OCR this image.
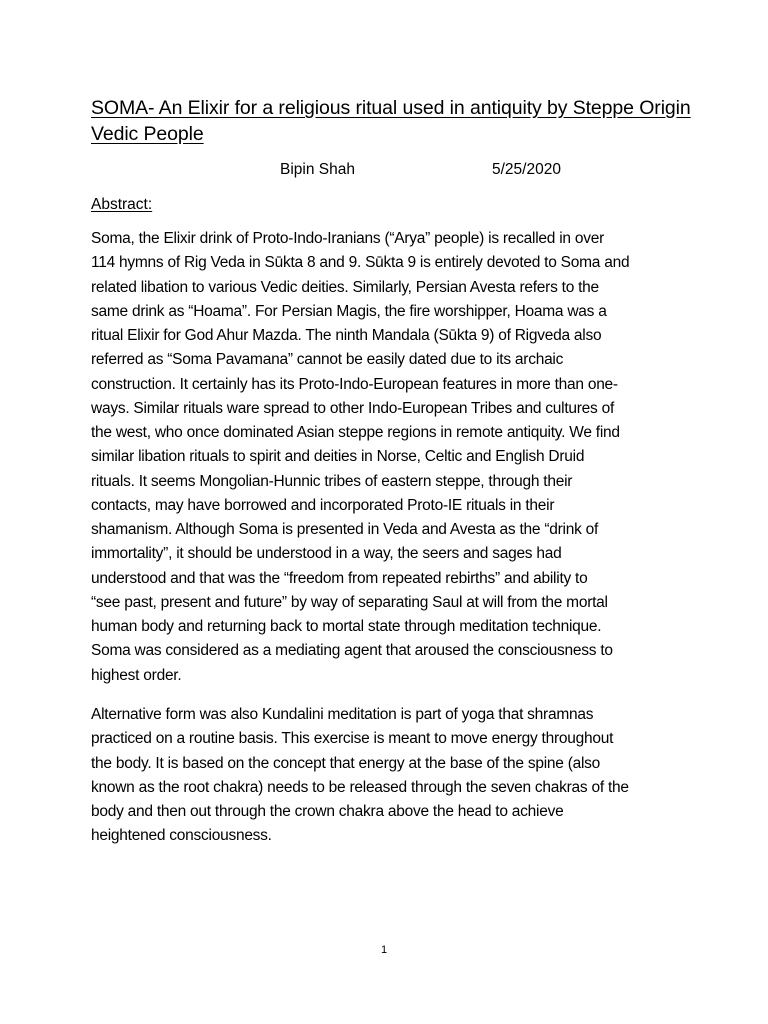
SOMA- An Elixir for a religious ritual used in antiquity by Steppe Origin
Vedic People
Bipin Shah	5/25/2020
Abstract:
Soma, the Elixir drink of Proto-Indo-Iranians (“Arya” people) is recalled in over
114 hymns of Rig Veda in Sūkta 8 and 9. Sūkta 9 is entirely devoted to Soma and
related libation to various Vedic deities. Similarly, Persian Avesta refers to the
same drink as “Hoama”. For Persian Magis, the fire worshipper, Hoama was a
ritual Elixir for God Ahur Mazda. The ninth Mandala (Sūkta 9) of Rigveda also
referred as “Soma Pavamana” cannot be easily dated due to its archaic
construction. It certainly has its Proto-Indo-European features in more than one-
ways. Similar rituals ware spread to other Indo-European Tribes and cultures of
the west, who once dominated Asian steppe regions in remote antiquity. We find
similar libation rituals to spirit and deities in Norse, Celtic and English Druid
rituals. It seems Mongolian-Hunnic tribes of eastern steppe, through their
contacts, may have borrowed and incorporated Proto-IE rituals in their
shamanism. Although Soma is presented in Veda and Avesta as the “drink of
immortality”, it should be understood in a way, the seers and sages had
understood and that was the “freedom from repeated rebirths” and ability to
“see past, present and future” by way of separating Saul at will from the mortal
human body and returning back to mortal state through meditation technique.
Soma was considered as a mediating agent that aroused the consciousness to
highest order.
Alternative form was also Kundalini meditation is part of yoga that shramnas
practiced on a routine basis. This exercise is meant to move energy throughout
the body. It is based on the concept that energy at the base of the spine (also
known as the root chakra) needs to be released through the seven chakras of the
body and then out through the crown chakra above the head to achieve
heightened consciousness.
1
